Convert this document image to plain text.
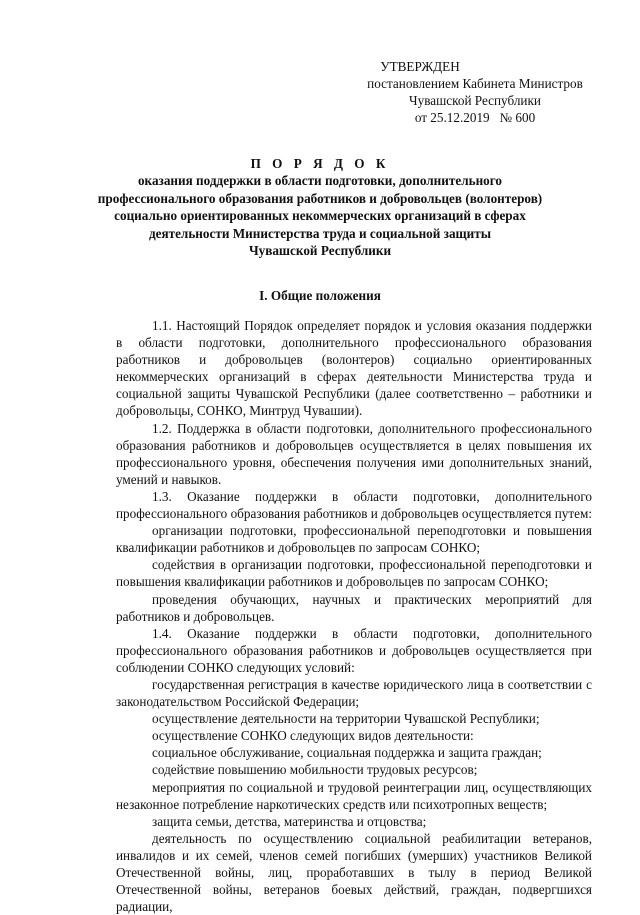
УТВЕРЖДЕН
постановлением Кабинета Министров
Чувашской Республики
от 25.12.2019   № 600
П О Р Я Д О К
оказания поддержки в области подготовки, дополнительного
профессионального образования работников и добровольцев (волонтеров)
социально ориентированных некоммерческих организаций в сферах
деятельности Министерства труда и социальной защиты
Чувашской Республики
I. Общие положения

1.1. Настоящий Порядок определяет порядок и условия оказания поддержки в области подготовки, дополнительного профессионального образования работников и добровольцев (волонтеров) социально ориентированных некоммерческих организаций в сферах деятельности Министерства труда и социальной защиты Чувашской Республики (далее соответственно – работники и добровольцы, СОНКО, Минтруд Чувашии).

1.2. Поддержка в области подготовки, дополнительного профессионального образования работников и добровольцев осуществляется в целях повышения их профессионального уровня, обеспечения получения ими дополнительных знаний, умений и навыков.

1.3. Оказание поддержки в области подготовки, дополнительного профессионального образования работников и добровольцев осуществляется путем:

организации подготовки, профессиональной переподготовки и повышения квалификации работников и добровольцев по запросам СОНКО;

содействия в организации подготовки, профессиональной переподготовки и повышения квалификации работников и добровольцев по запросам СОНКО;

проведения обучающих, научных и практических мероприятий для работников и добровольцев.

1.4. Оказание поддержки в области подготовки, дополнительного профессионального образования работников и добровольцев осуществляется при соблюдении СОНКО следующих условий:

государственная регистрация в качестве юридического лица в соответствии с законодательством Российской Федерации;

осуществление деятельности на территории Чувашской Республики;

осуществление СОНКО следующих видов деятельности:

социальное обслуживание, социальная поддержка и защита граждан;

содействие повышению мобильности трудовых ресурсов;

мероприятия по социальной и трудовой реинтеграции лиц, осуществляющих незаконное потребление наркотических средств или психотропных веществ;

защита семьи, детства, материнства и отцовства;

деятельность по осуществлению социальной реабилитации ветеранов, инвалидов и их семей, членов семей погибших (умерших) участников Великой Отечественной войны, лиц, проработавших в тылу в период Великой Отечественной войны, ветеранов боевых действий, граждан, подвергшихся радиации,
